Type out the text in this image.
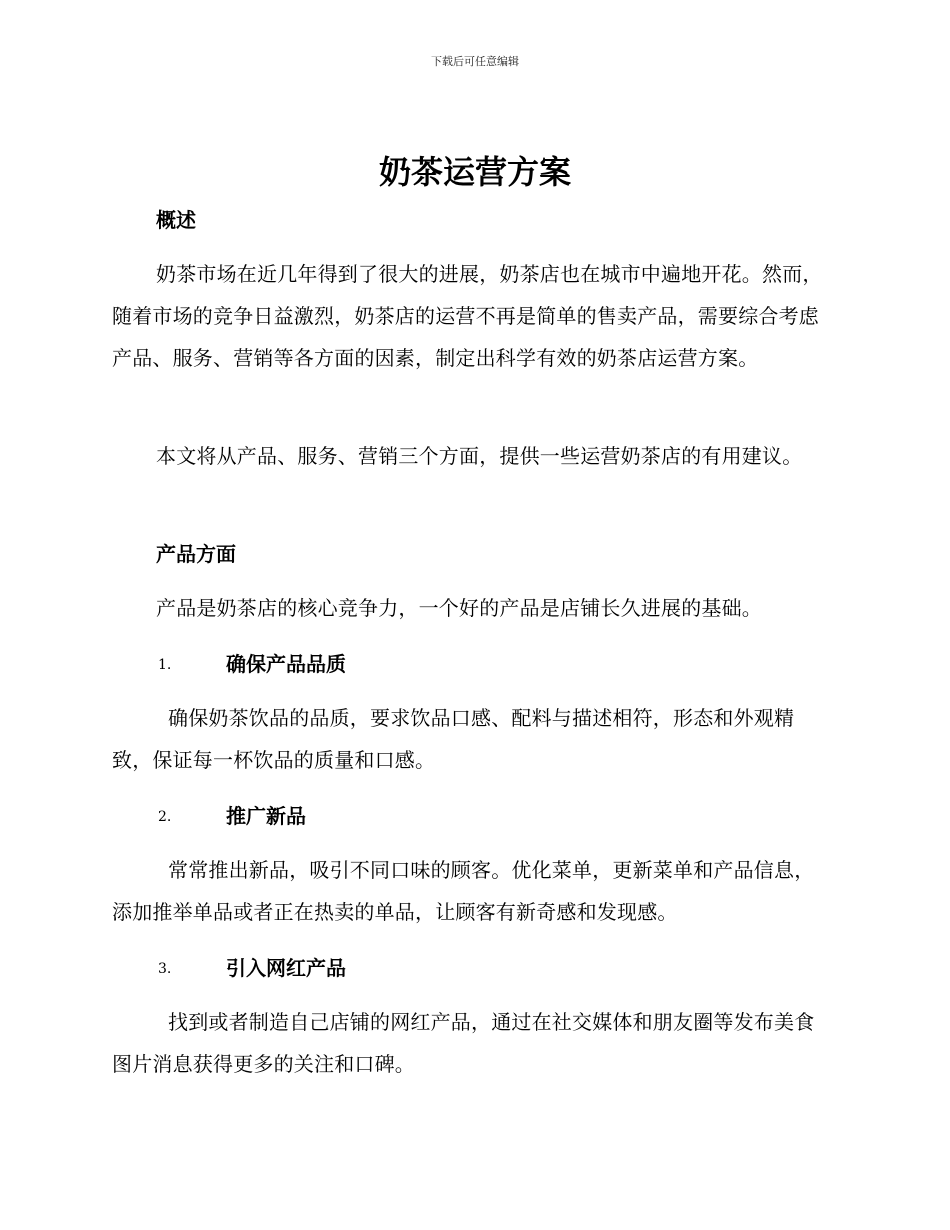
下载后可任意编辑
奶茶运营方案
概述
奶茶市场在近几年得到了很大的进展，奶茶店也在城市中遍地开花。然而，随着市场的竞争日益激烈，奶茶店的运营不再是简单的售卖产品，需要综合考虑产品、服务、营销等各方面的因素，制定出科学有效的奶茶店运营方案。
本文将从产品、服务、营销三个方面，提供一些运营奶茶店的有用建议。
产品方面
产品是奶茶店的核心竞争力，一个好的产品是店铺长久进展的基础。
1.	确保产品品质
确保奶茶饮品的品质，要求饮品口感、配料与描述相符，形态和外观精致，保证每一杯饮品的质量和口感。
2.	推广新品
常常推出新品，吸引不同口味的顾客。优化菜单，更新菜单和产品信息，添加推举单品或者正在热卖的单品，让顾客有新奇感和发现感。
3.	引入网红产品
找到或者制造自己店铺的网红产品，通过在社交媒体和朋友圈等发布美食图片消息获得更多的关注和口碑。
